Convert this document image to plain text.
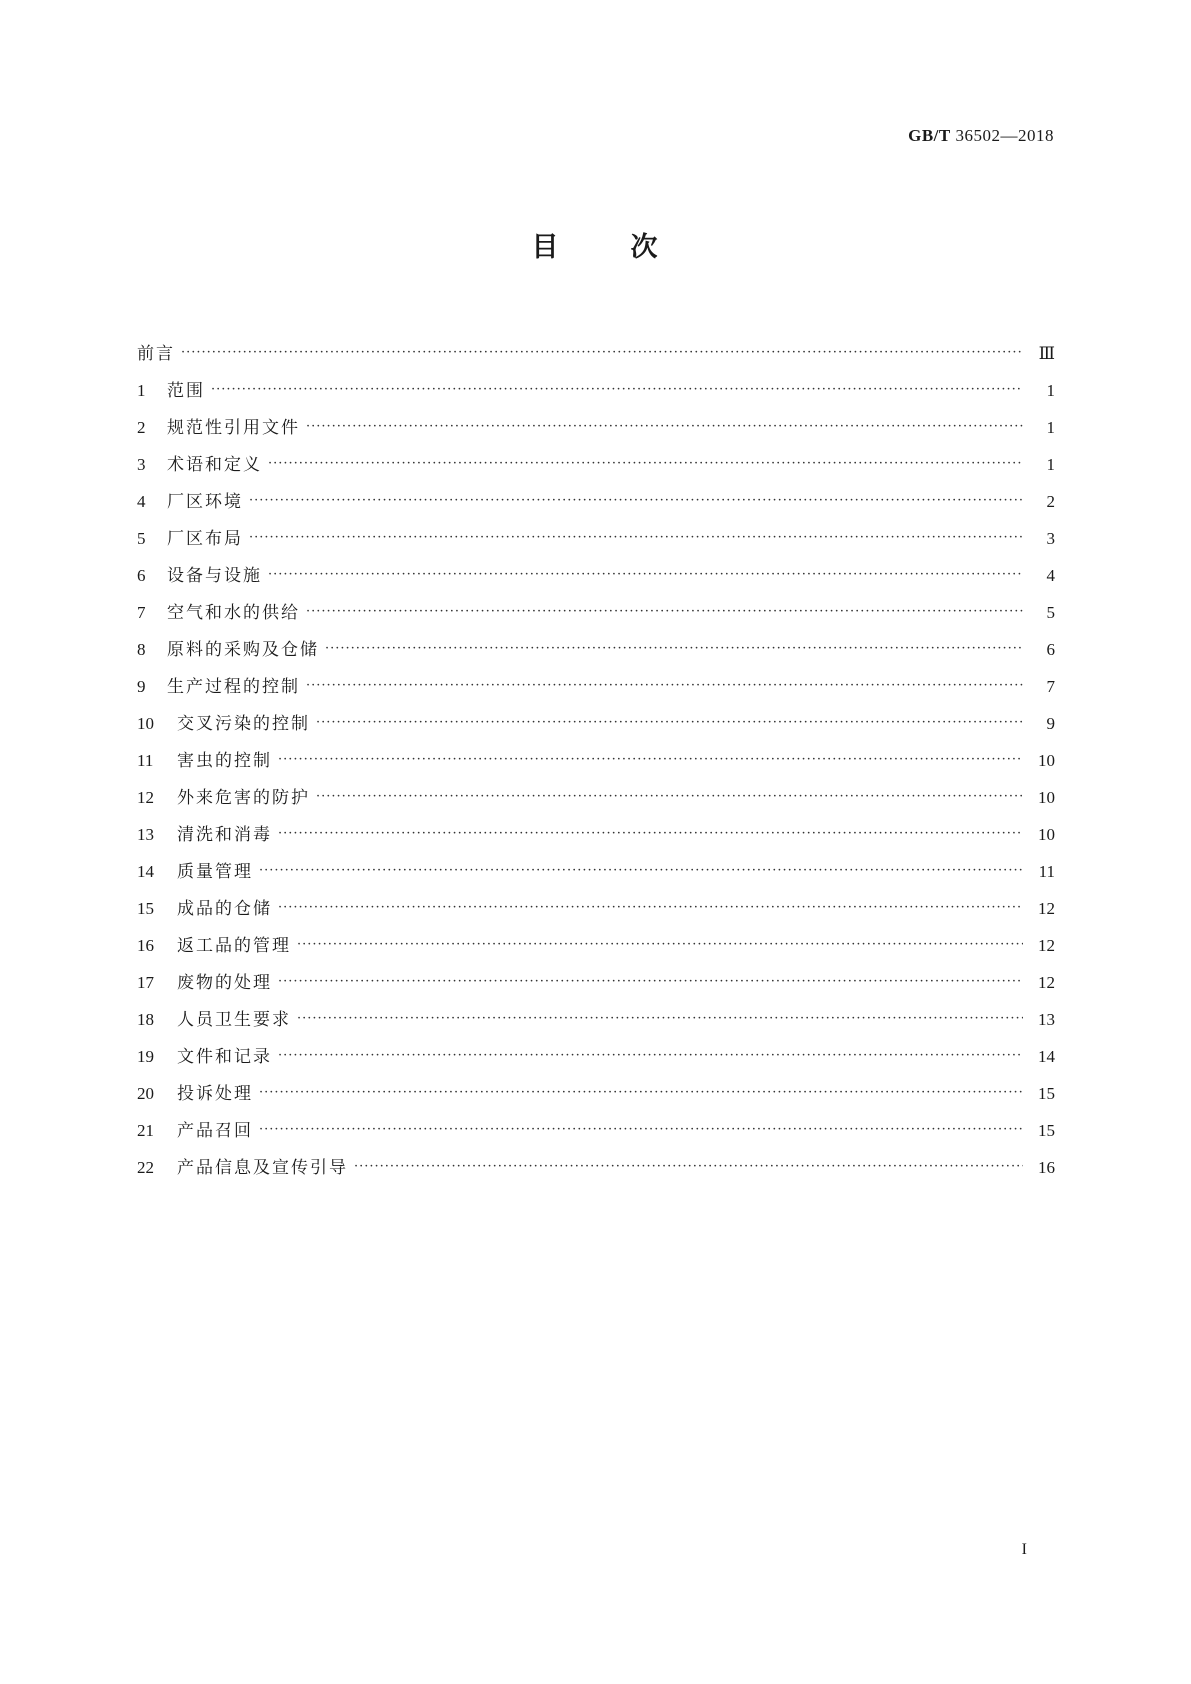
GB/T 36502—2018
目	次
前言 ·····	Ⅲ
1	范围 ·····	1
2	规范性引用文件 ·····	1
3	术语和定义 ·····	1
4	厂区环境 ·····	2
5	厂区布局 ·····	3
6	设备与设施 ·····	4
7	空气和水的供给 ·····	5
8	原料的采购及仓储 ·····	6
9	生产过程的控制 ·····	7
10	交叉污染的控制 ·····	9
11	害虫的控制 ·····	10
12	外来危害的防护 ·····	10
13	清洗和消毒 ·····	10
14	质量管理 ·····	11
15	成品的仓储 ·····	12
16	返工品的管理 ·····	12
17	废物的处理 ·····	12
18	人员卫生要求 ·····	13
19	文件和记录 ·····	14
20	投诉处理 ·····	15
21	产品召回 ·····	15
22	产品信息及宣传引导 ·····	16
I
